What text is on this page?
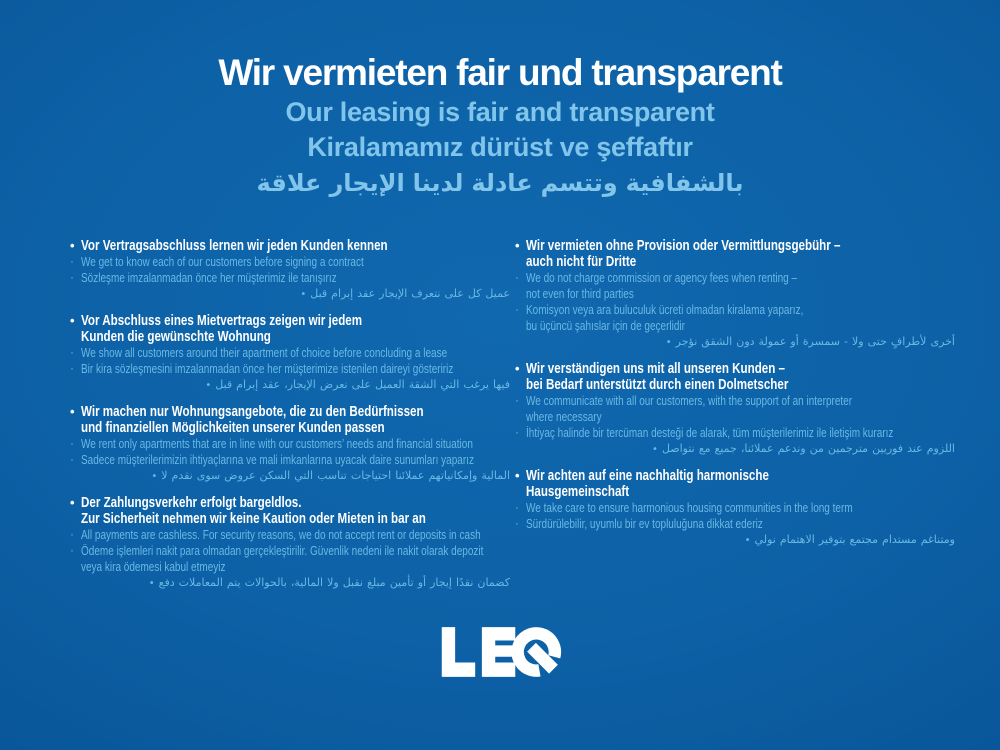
Wir vermieten fair und transparent
Our leasing is fair and transparent
Kiralamamız dürüst ve şeffaftır
علاقة الإيجار لدينا عادلة وتتسم بالشفافية
• Vor Vertragsabschluss lernen wir jeden Kunden kennen
· We get to know each of our customers before signing a contract
· Sözleşme imzalanmadan önce her müşterimiz ile tanışırız
• قبل إبرام عقد الإيجار نتعرف على كل عميل
• Vor Abschluss eines Mietvertrags zeigen wir jedem
Kunden die gewünschte Wohnung
· We show all customers around their apartment of choice before concluding a lease
· Bir kira sözleşmesini imzalanmadan önce her müşterimize istenilen daireyi gösteririz
• قبل إبرام عقد الإيجار، نعرض على العميل الشقة التي يرغب فيها
• Wir machen nur Wohnungsangebote, die zu den Bedürfnissen
und finanziellen Möglichkeiten unserer Kunden passen
· We rent only apartments that are in line with our customers’ needs and financial situation
· Sadece müşterilerimizin ihtiyaçlarına ve mali imkanlarına uyacak daire sunumları yaparız
• لا نقدم سوى عروض السكن التي تناسب احتياجات عملائنا وإمكانياتهم المالية
• Der Zahlungsverkehr erfolgt bargeldlos.
Zur Sicherheit nehmen wir keine Kaution oder Mieten in bar an
· All payments are cashless. For security reasons, we do not accept rent or deposits in cash
· Ödeme işlemleri nakit para olmadan gerçekleştirilir. Güvenlik nedeni ile nakit olarak depozit
veya kira ödemesi kabul etmeyiz
• دفع المعاملات يتم بالحوالات المالية، ولا نقبل مبلغ تأمين أو إيجار نقدًا كضمان
• Wir vermieten ohne Provision oder Vermittlungsgebühr –
auch nicht für Dritte
· We do not charge commission or agency fees when renting –
not even for third parties
· Komisyon veya ara buluculuk ücreti olmadan kiralama yaparız,
bu üçüncü şahıslar için de geçerlidir
• نؤجر الشقق دون عمولة أو سمسرة - ولا حتى لأطرافٍ أخرى
• Wir verständigen uns mit all unseren Kunden –
bei Bedarf unterstützt durch einen Dolmetscher
· We communicate with all our customers, with the support of an interpreter
where necessary
· İhtiyaç halinde bir tercüman desteği de alarak, tüm müşterilerimiz ile iletişim kurarız
• نتواصل مع جميع عملائنا، وندعم من مترجمين فوريين عند اللزوم
• Wir achten auf eine nachhaltig harmonische
Hausgemeinschaft
· We take care to ensure harmonious housing communities in the long term
· Sürdürülebilir, uyumlu bir ev topluluğuna dikkat ederiz
• نولي الاهتمام بتوفير مجتمع مستدام ومتناغم
